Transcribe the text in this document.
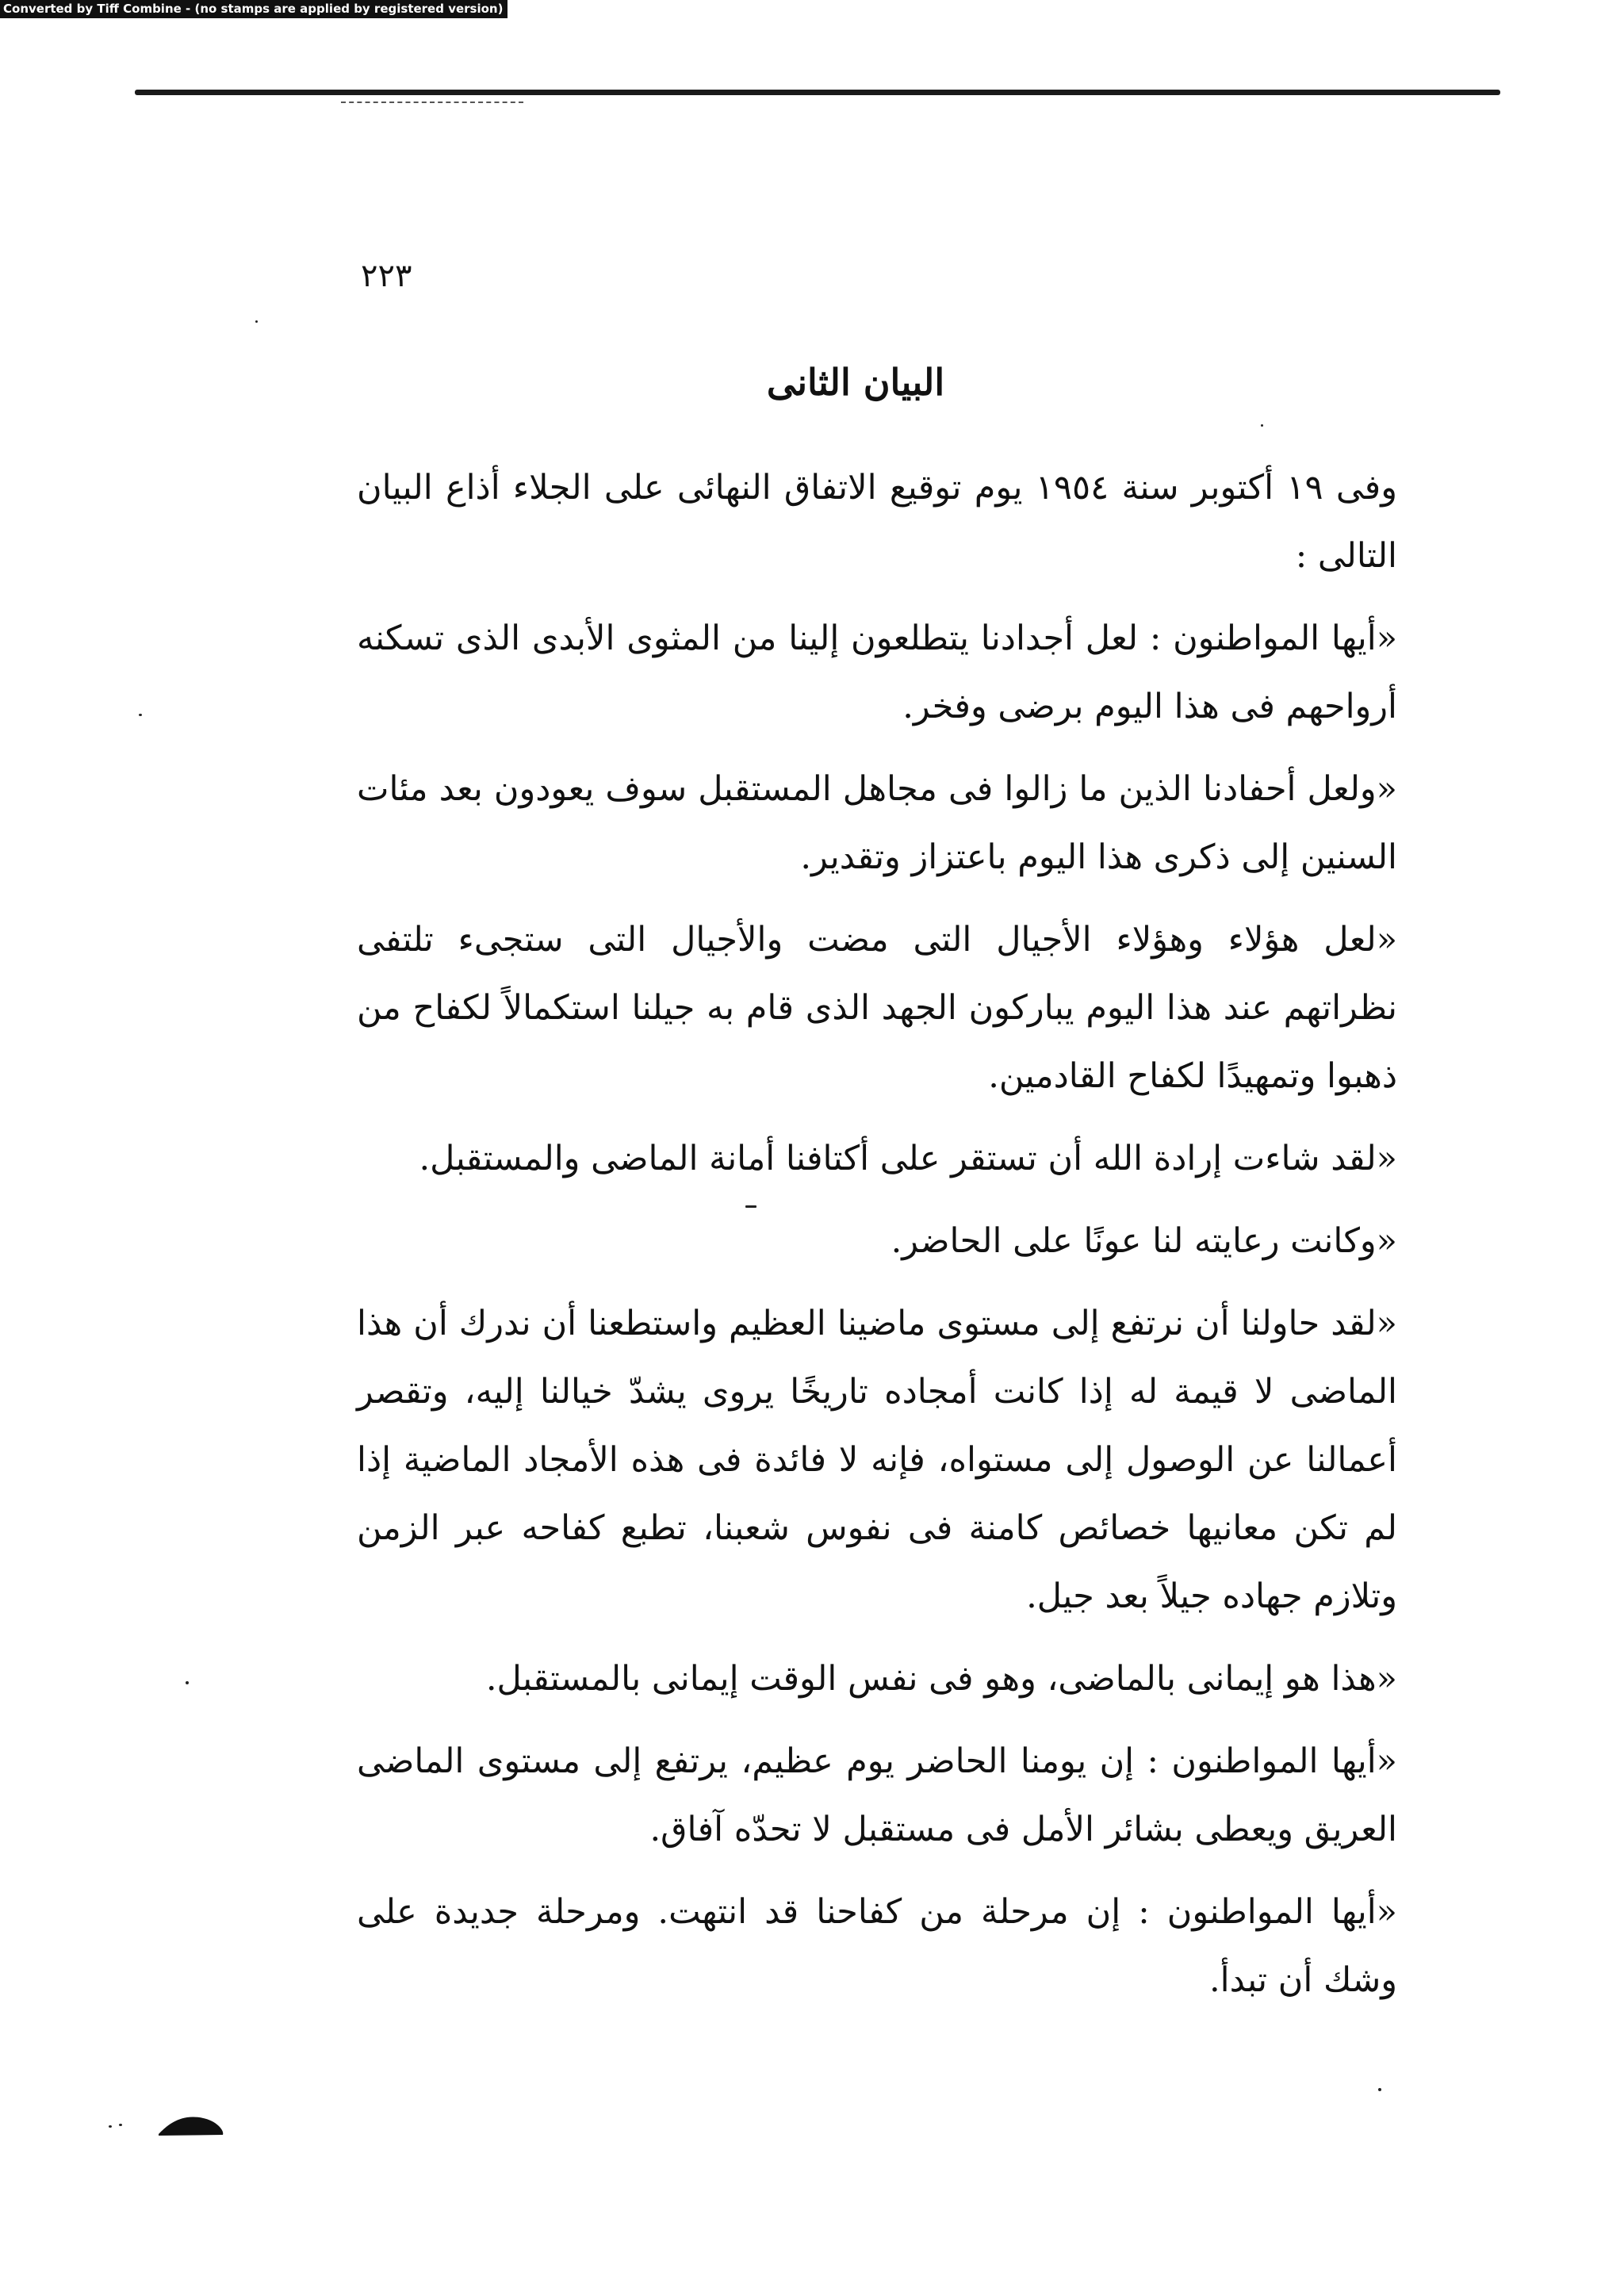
Converted by Tiff Combine - (no stamps are applied by registered version)
٢٢٣
البيان الثانى

وفى ١٩ أكتوبر سنة ١٩٥٤ يوم توقيع الاتفاق النهائى على الجلاء أذاع البيان التالى :

«أيها المواطنون : لعل أجدادنا يتطلعون إلينا من المثوى الأبدى الذى تسكنه أرواحهم فى هذا اليوم برضى وفخر.

«ولعل أحفادنا الذين ما زالوا فى مجاهل المستقبل سوف يعودون بعد مئات السنين إلى ذكرى هذا اليوم باعتزاز وتقدير.

«لعل هؤلاء وهؤلاء الأجيال التى مضت والأجيال التى ستجىء تلتفى نظراتهم عند هذا اليوم يباركون الجهد الذى قام به جيلنا استكمالاً لكفاح من ذهبوا وتمهيدًا لكفاح القادمين.

«لقد شاءت إرادة الله أن تستقر على أكتافنا أمانة الماضى والمستقبل.

«وكانت رعايته لنا عونًا على الحاضر.

«لقد حاولنا أن نرتفع إلى مستوى ماضينا العظيم واستطعنا أن ندرك أن هذا الماضى لا قيمة له إذا كانت أمجاده تاريخًا يروى يشدّ خيالنا إليه، وتقصر أعمالنا عن الوصول إلى مستواه، فإنه لا فائدة فى هذه الأمجاد الماضية إذا لم تكن معانيها خصائص كامنة فى نفوس شعبنا، تطبع كفاحه عبر الزمن وتلازم جهاده جيلاً بعد جيل.

«هذا هو إيمانى بالماضى، وهو فى نفس الوقت إيمانى بالمستقبل.

«أيها المواطنون : إن يومنا الحاضر يوم عظيم، يرتفع إلى مستوى الماضى العريق ويعطى بشائر الأمل فى مستقبل لا تحدّه آفاق.

«أيها المواطنون : إن مرحلة من كفاحنا قد انتهت. ومرحلة جديدة على وشك أن تبدأ.
